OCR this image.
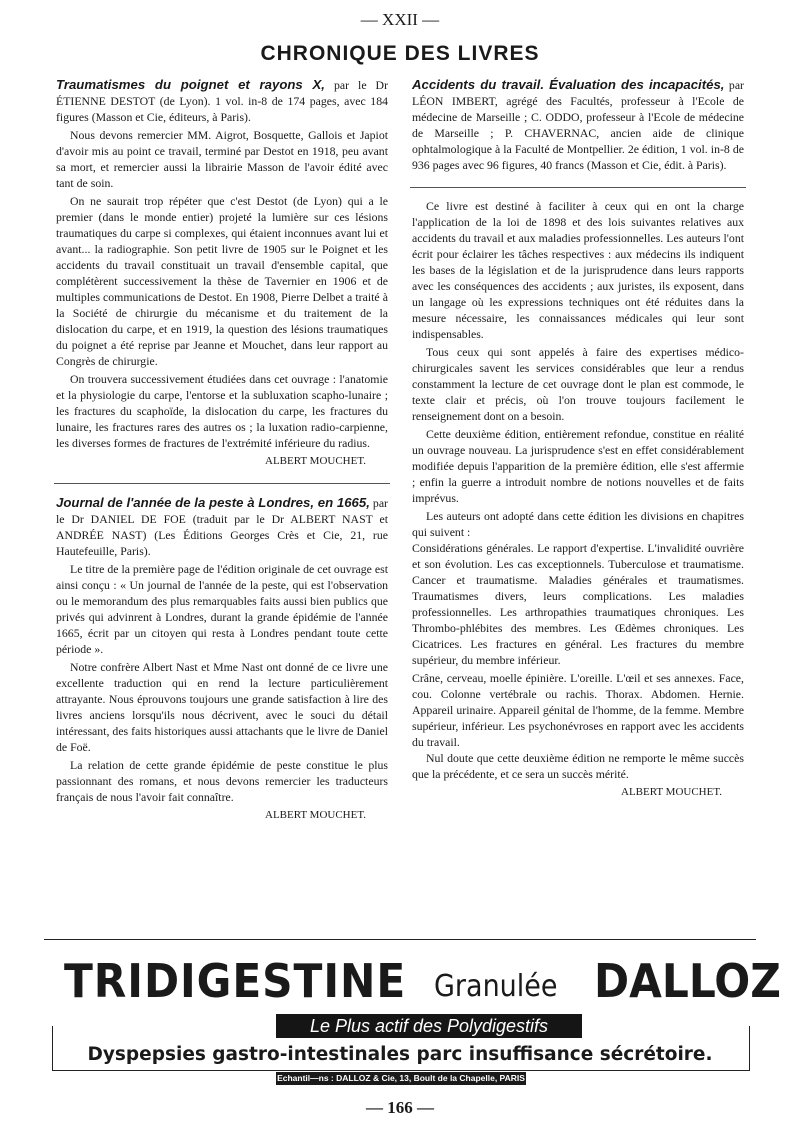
— XXII —
CHRONIQUE DES LIVRES

Traumatismes du poignet et rayons X, par le Dr ÉTIENNE DESTOT (de Lyon). 1 vol. in-8 de 174 pages, avec 184 figures (Masson et Cie, éditeurs, à Paris).

Nous devons remercier MM. Aigrot, Bosquette, Gallois et Japiot d'avoir mis au point ce travail, terminé par Destot en 1918, peu avant sa mort, et remercier aussi la librairie Masson de l'avoir édité avec tant de soin.

On ne saurait trop répéter que c'est Destot (de Lyon) qui a le premier (dans le monde entier) projeté la lumière sur ces lésions traumatiques du carpe si complexes, qui étaient inconnues avant lui et avant... la radiographie. Son petit livre de 1905 sur le Poignet et les accidents du travail constituait un travail d'ensemble capital, que complétèrent successivement la thèse de Tavernier en 1906 et de multiples communications de Destot. En 1908, Pierre Delbet a traité à la Société de chirurgie du mécanisme et du traitement de la dislocation du carpe, et en 1919, la question des lésions traumatiques du poignet a été reprise par Jeanne et Mouchet, dans leur rapport au Congrès de chirurgie.

On trouvera successivement étudiées dans cet ouvrage : l'anatomie et la physiologie du carpe, l'entorse et la subluxation scapho-lunaire ; les fractures du scaphoïde, la dislocation du carpe, les fractures du lunaire, les fractures rares des autres os ; la luxation radio-carpienne, les diverses formes de fractures de l'extrémité inférieure du radius.

ALBERT MOUCHET.

Journal de l'année de la peste à Londres, en 1665, par le Dr DANIEL DE FOE (traduit par le Dr ALBERT NAST et ANDRÉE NAST) (Les Éditions Georges Crès et Cie, 21, rue Hautefeuille, Paris).

Le titre de la première page de l'édition originale de cet ouvrage est ainsi conçu : « Un journal de l'année de la peste, qui est l'observation ou le memorandum des plus remarquables faits aussi bien publics que privés qui advinrent à Londres, durant la grande épidémie de l'année 1665, écrit par un citoyen qui resta à Londres pendant toute cette période ».

Notre confrère Albert Nast et Mme Nast ont donné de ce livre une excellente traduction qui en rend la lecture particulièrement attrayante. Nous éprouvons toujours une grande satisfaction à lire des livres anciens lorsqu'ils nous décrivent, avec le souci du détail intéressant, des faits historiques aussi attachants que le livre de Daniel de Foë.

La relation de cette grande épidémie de peste constitue le plus passionnant des romans, et nous devons remercier les traducteurs français de nous l'avoir fait connaître.

ALBERT MOUCHET.

Accidents du travail. Évaluation des incapacités, par LÉON IMBERT, agrégé des Facultés, professeur à l'Ecole de médecine de Marseille ; C. ODDO, professeur à l'Ecole de médecine de Marseille ; P. CHAVERNAC, ancien aide de clinique ophtalmologique à la Faculté de Montpellier. 2e édition, 1 vol. in-8 de 936 pages avec 96 figures, 40 francs (Masson et Cie, édit. à Paris).

Ce livre est destiné à faciliter à ceux qui en ont la charge l'application de la loi de 1898 et des lois suivantes relatives aux accidents du travail et aux maladies professionnelles. Les auteurs l'ont écrit pour éclairer les tâches respectives : aux médecins ils indiquent les bases de la législation et de la jurisprudence dans leurs rapports avec les conséquences des accidents ; aux juristes, ils exposent, dans un langage où les expressions techniques ont été réduites dans la mesure nécessaire, les connaissances médicales qui leur sont indispensables.

Tous ceux qui sont appelés à faire des expertises médico-chirurgicales savent les services considérables que leur a rendus constamment la lecture de cet ouvrage dont le plan est commode, le texte clair et précis, où l'on trouve toujours facilement le renseignement dont on a besoin.

Cette deuxième édition, entièrement refondue, constitue en réalité un ouvrage nouveau. La jurisprudence s'est en effet considérablement modifiée depuis l'apparition de la première édition, elle s'est affermie ; enfin la guerre a introduit nombre de notions nouvelles et de faits imprévus.

Les auteurs ont adopté dans cette édition les divisions en chapitres qui suivent :

Considérations générales. Le rapport d'expertise. L'invalidité ouvrière et son évolution. Les cas exceptionnels. Tuberculose et traumatisme. Cancer et traumatisme. Maladies générales et traumatismes. Traumatismes divers, leurs complications. Les maladies professionnelles. Les arthropathies traumatiques chroniques. Les Thrombo-phlébites des membres. Les Œdèmes chroniques. Les Cicatrices. Les fractures en général. Les fractures du membre supérieur, du membre inférieur.

Crâne, cerveau, moelle épinière. L'oreille. L'œil et ses annexes. Face, cou. Colonne vertébrale ou rachis. Thorax. Abdomen. Hernie. Appareil urinaire. Appareil génital de l'homme, de la femme. Membre supérieur, inférieur. Les psychonévroses en rapport avec les accidents du travail.

Nul doute que cette deuxième édition ne remporte le même succès que la précédente, et ce sera un succès mérité.

ALBERT MOUCHET.
TRIDIGESTINE Granulée DALLOZ
Le Plus actif des Polydigestifs
Dyspepsies gastro-intestinales parc insuffisance sécrétoire.
Echantil—ns : DALLOZ & Cie, 13, Boult de la Chapelle, PARIS
— 166 —
